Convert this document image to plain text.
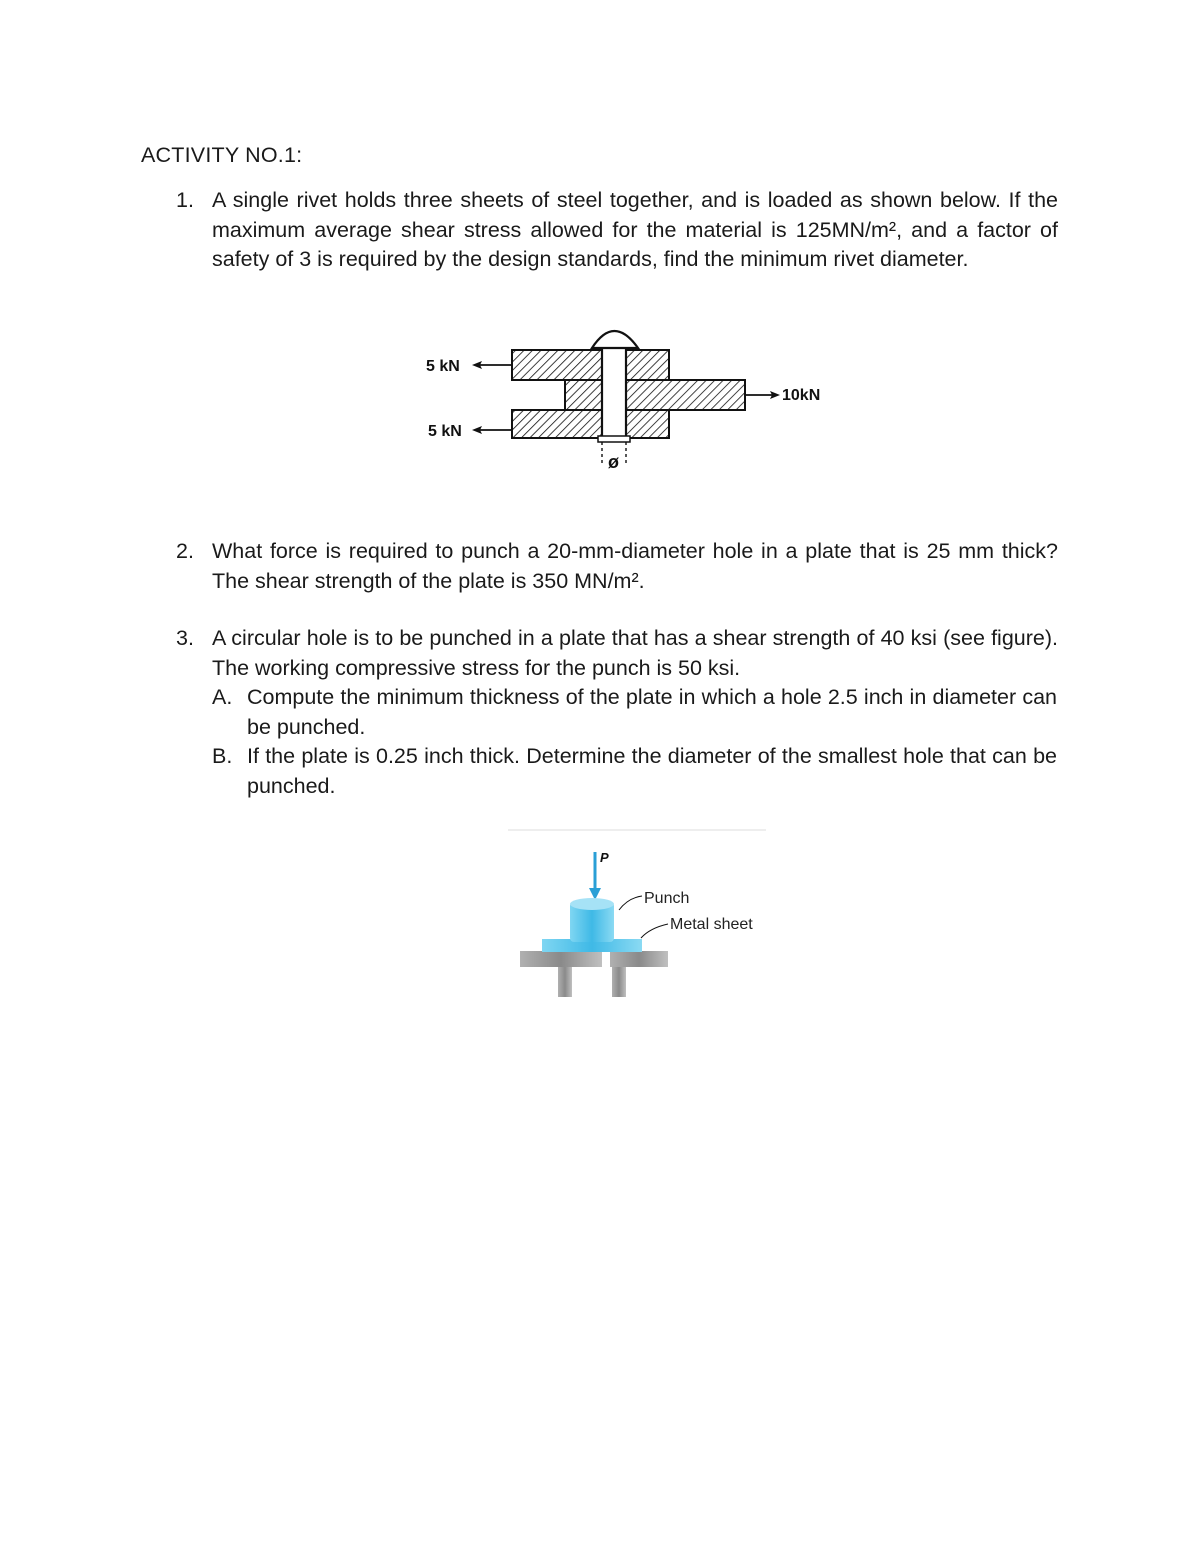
ACTIVITY NO.1:
1. A single rivet holds three sheets of steel together, and is loaded as shown below. If the maximum average shear stress allowed for the material is 125MN/m², and a factor of safety of 3 is required by the design standards, find the minimum rivet diameter.
5 kN
5 kN
10kN
ø
2. What force is required to punch a 20-mm-diameter hole in a plate that is 25 mm thick? The shear strength of the plate is 350 MN/m².
3. A circular hole is to be punched in a plate that has a shear strength of 40 ksi (see figure). The working compressive stress for the punch is 50 ksi.
A. Compute the minimum thickness of the plate in which a hole 2.5 inch in diameter can be punched.
B. If the plate is 0.25 inch thick. Determine the diameter of the smallest hole that can be punched.
P
Punch
Metal sheet
